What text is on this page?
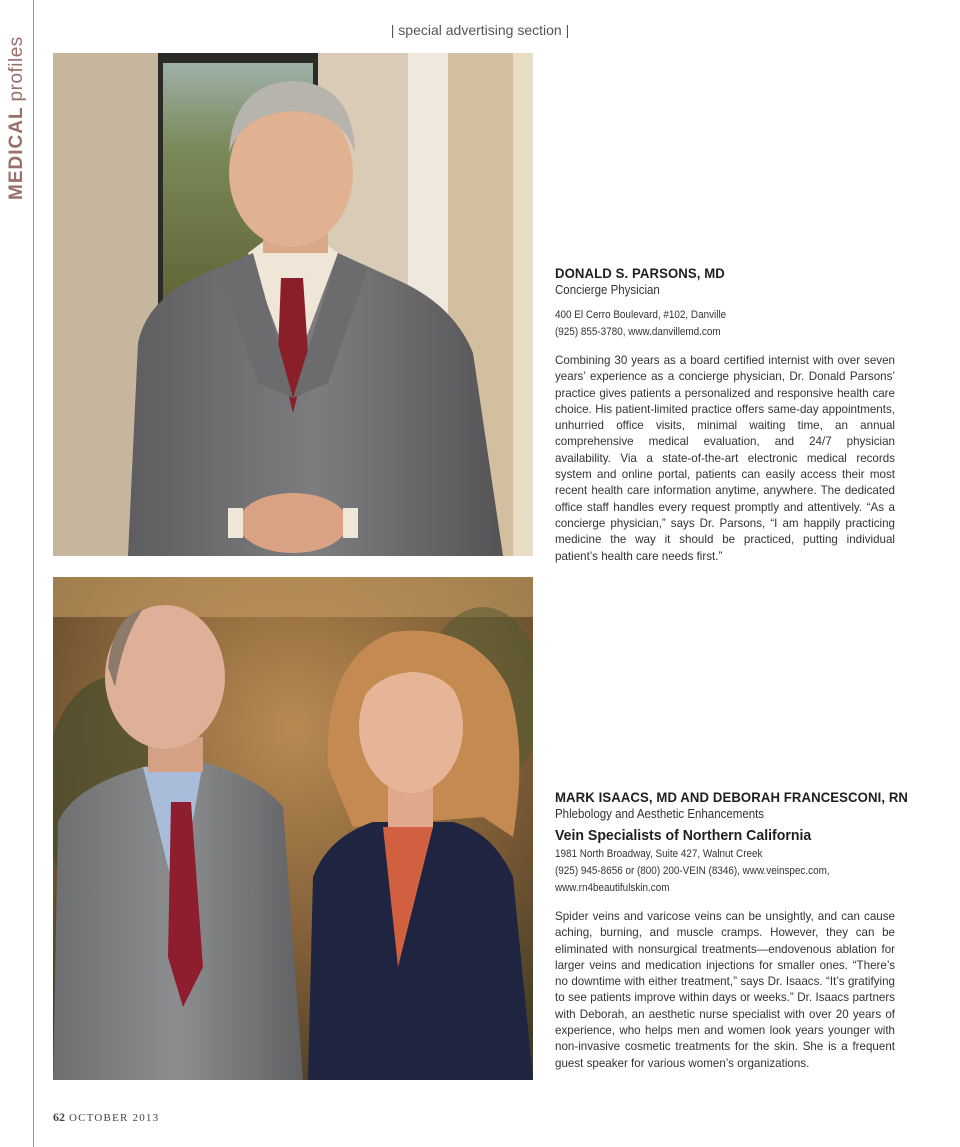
MEDICALprofiles
| special advertising section |
DONALD S. PARSONS, MD
Concierge Physician
400 El Cerro Boulevard, #102, Danville
(925) 855-3780, www.danvillemd.com
Combining 30 years as a board certified internist with over seven years’ experience as a concierge physician, Dr. Donald Parsons’ practice gives patients a personalized and responsive health care choice. His patient-limited practice offers same-day appointments, unhurried office visits, minimal waiting time, an annual comprehensive medical evaluation, and 24/7 physician availability. Via a state-of-the-art electronic medical records system and online portal, patients can easily access their most recent health care information anytime, anywhere. The dedicated office staff handles every request promptly and attentively. “As a concierge physician,” says Dr. Parsons, “I am happily practicing medicine the way it should be practiced, putting individual patient’s health care needs first.”
MARK ISAACS, MD AND DEBORAH FRANCESCONI, RN
Phlebology and Aesthetic Enhancements
Vein Specialists of Northern California
1981 North Broadway, Suite 427, Walnut Creek
(925) 945-8656 or (800) 200-VEIN (8346), www.veinspec.com,
www.rn4beautifulskin.com
Spider veins and varicose veins can be unsightly, and can cause aching, burning, and muscle cramps. However, they can be eliminated with nonsurgical treatments—endovenous ablation for larger veins and medication injections for smaller ones. “There’s no downtime with either treatment,” says Dr. Isaacs. “It’s gratifying to see patients improve within days or weeks.” Dr. Isaacs partners with Deborah, an aesthetic nurse specialist with over 20 years of experience, who helps men and women look years younger with non-invasive cosmetic treatments for the skin. She is a frequent guest speaker for various women’s organizations.
62 OCTOBER 2013
